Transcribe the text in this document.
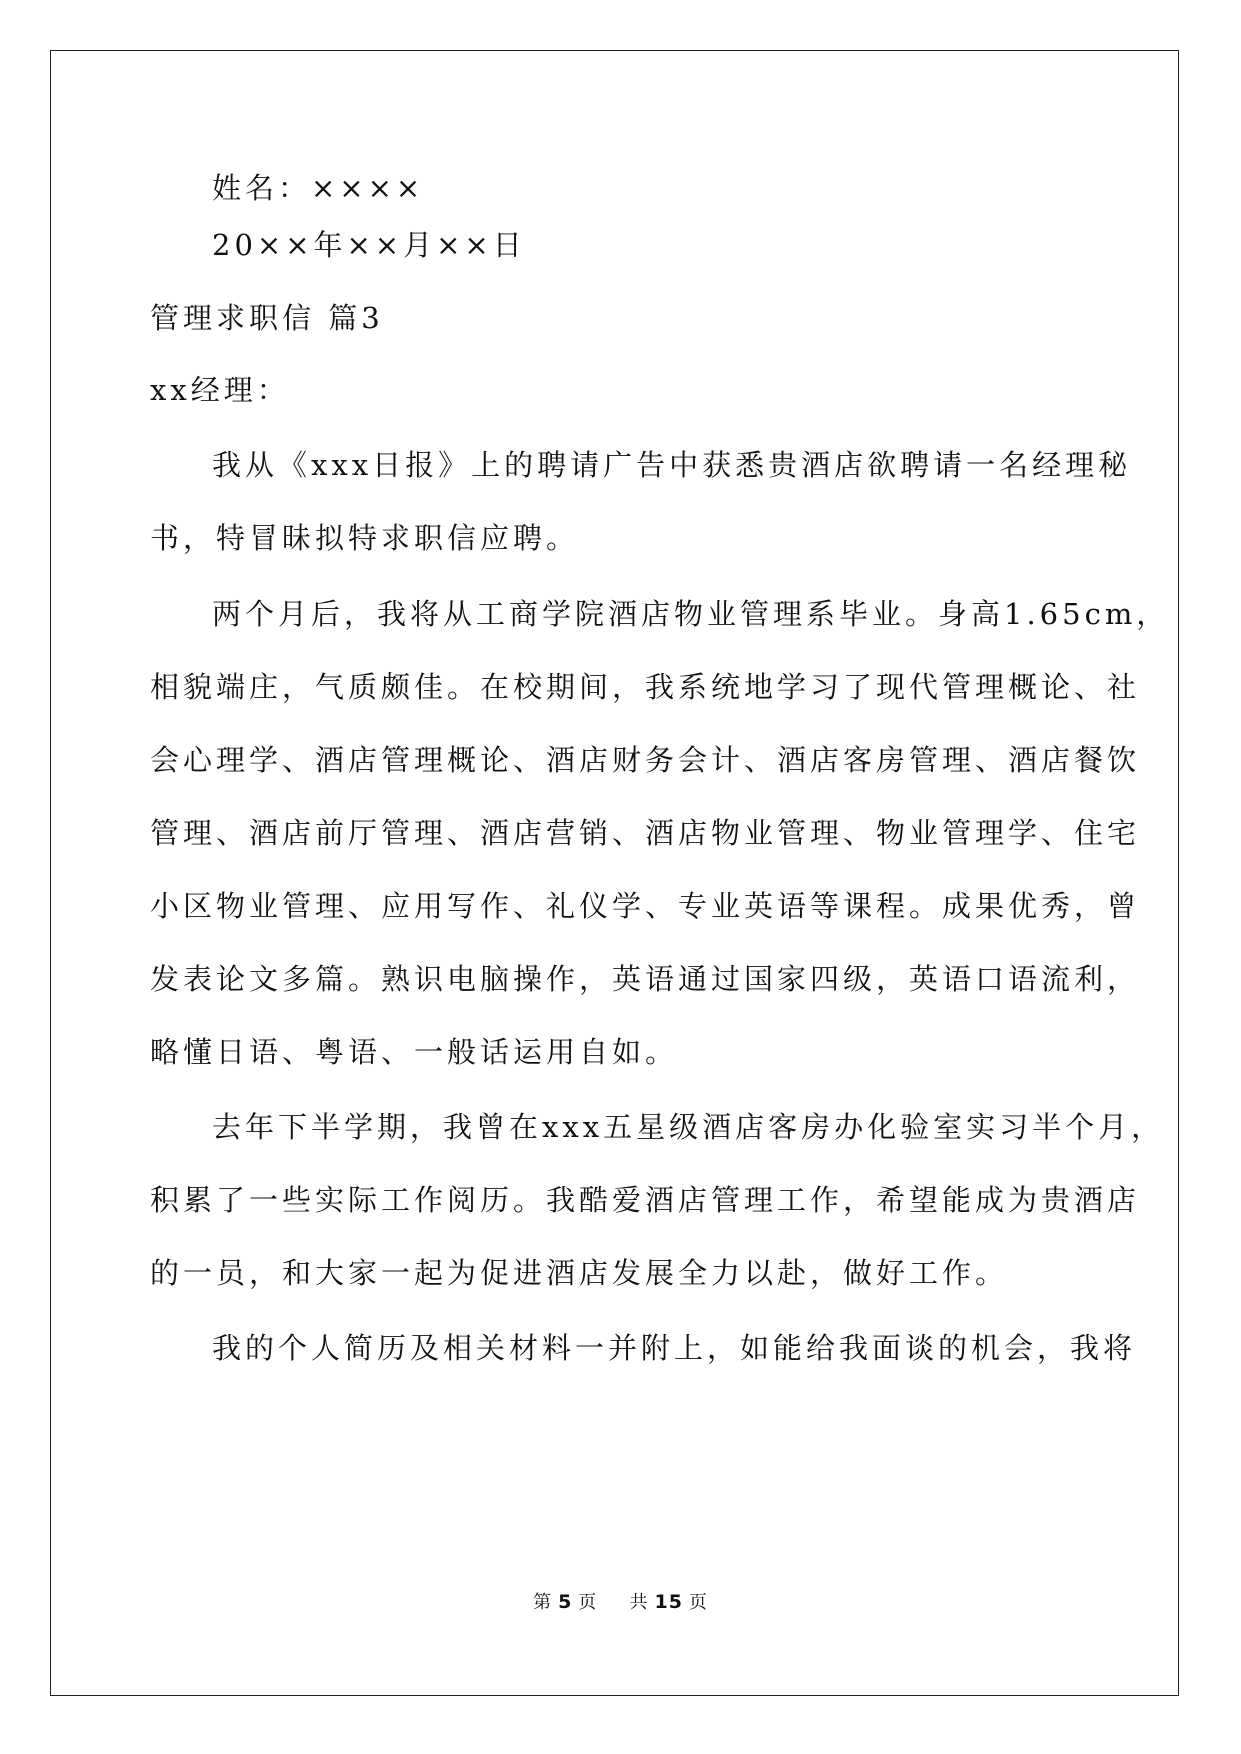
姓名：××××
20××年××月××日
管理求职信 篇3
xx经理：
我从《xxx日报》上的聘请广告中获悉贵酒店欲聘请一名经理秘
书，特冒昧拟特求职信应聘。
两个月后，我将从工商学院酒店物业管理系毕业。身高1.65cm，
相貌端庄，气质颇佳。在校期间，我系统地学习了现代管理概论、社
会心理学、酒店管理概论、酒店财务会计、酒店客房管理、酒店餐饮
管理、酒店前厅管理、酒店营销、酒店物业管理、物业管理学、住宅
小区物业管理、应用写作、礼仪学、专业英语等课程。成果优秀，曾
发表论文多篇。熟识电脑操作，英语通过国家四级，英语口语流利，
略懂日语、粤语、一般话运用自如。
去年下半学期，我曾在xxx五星级酒店客房办化验室实习半个月，
积累了一些实际工作阅历。我酷爱酒店管理工作，希望能成为贵酒店
的一员，和大家一起为促进酒店发展全力以赴，做好工作。
我的个人简历及相关材料一并附上，如能给我面谈的机会，我将
第 5 页 共 15 页
